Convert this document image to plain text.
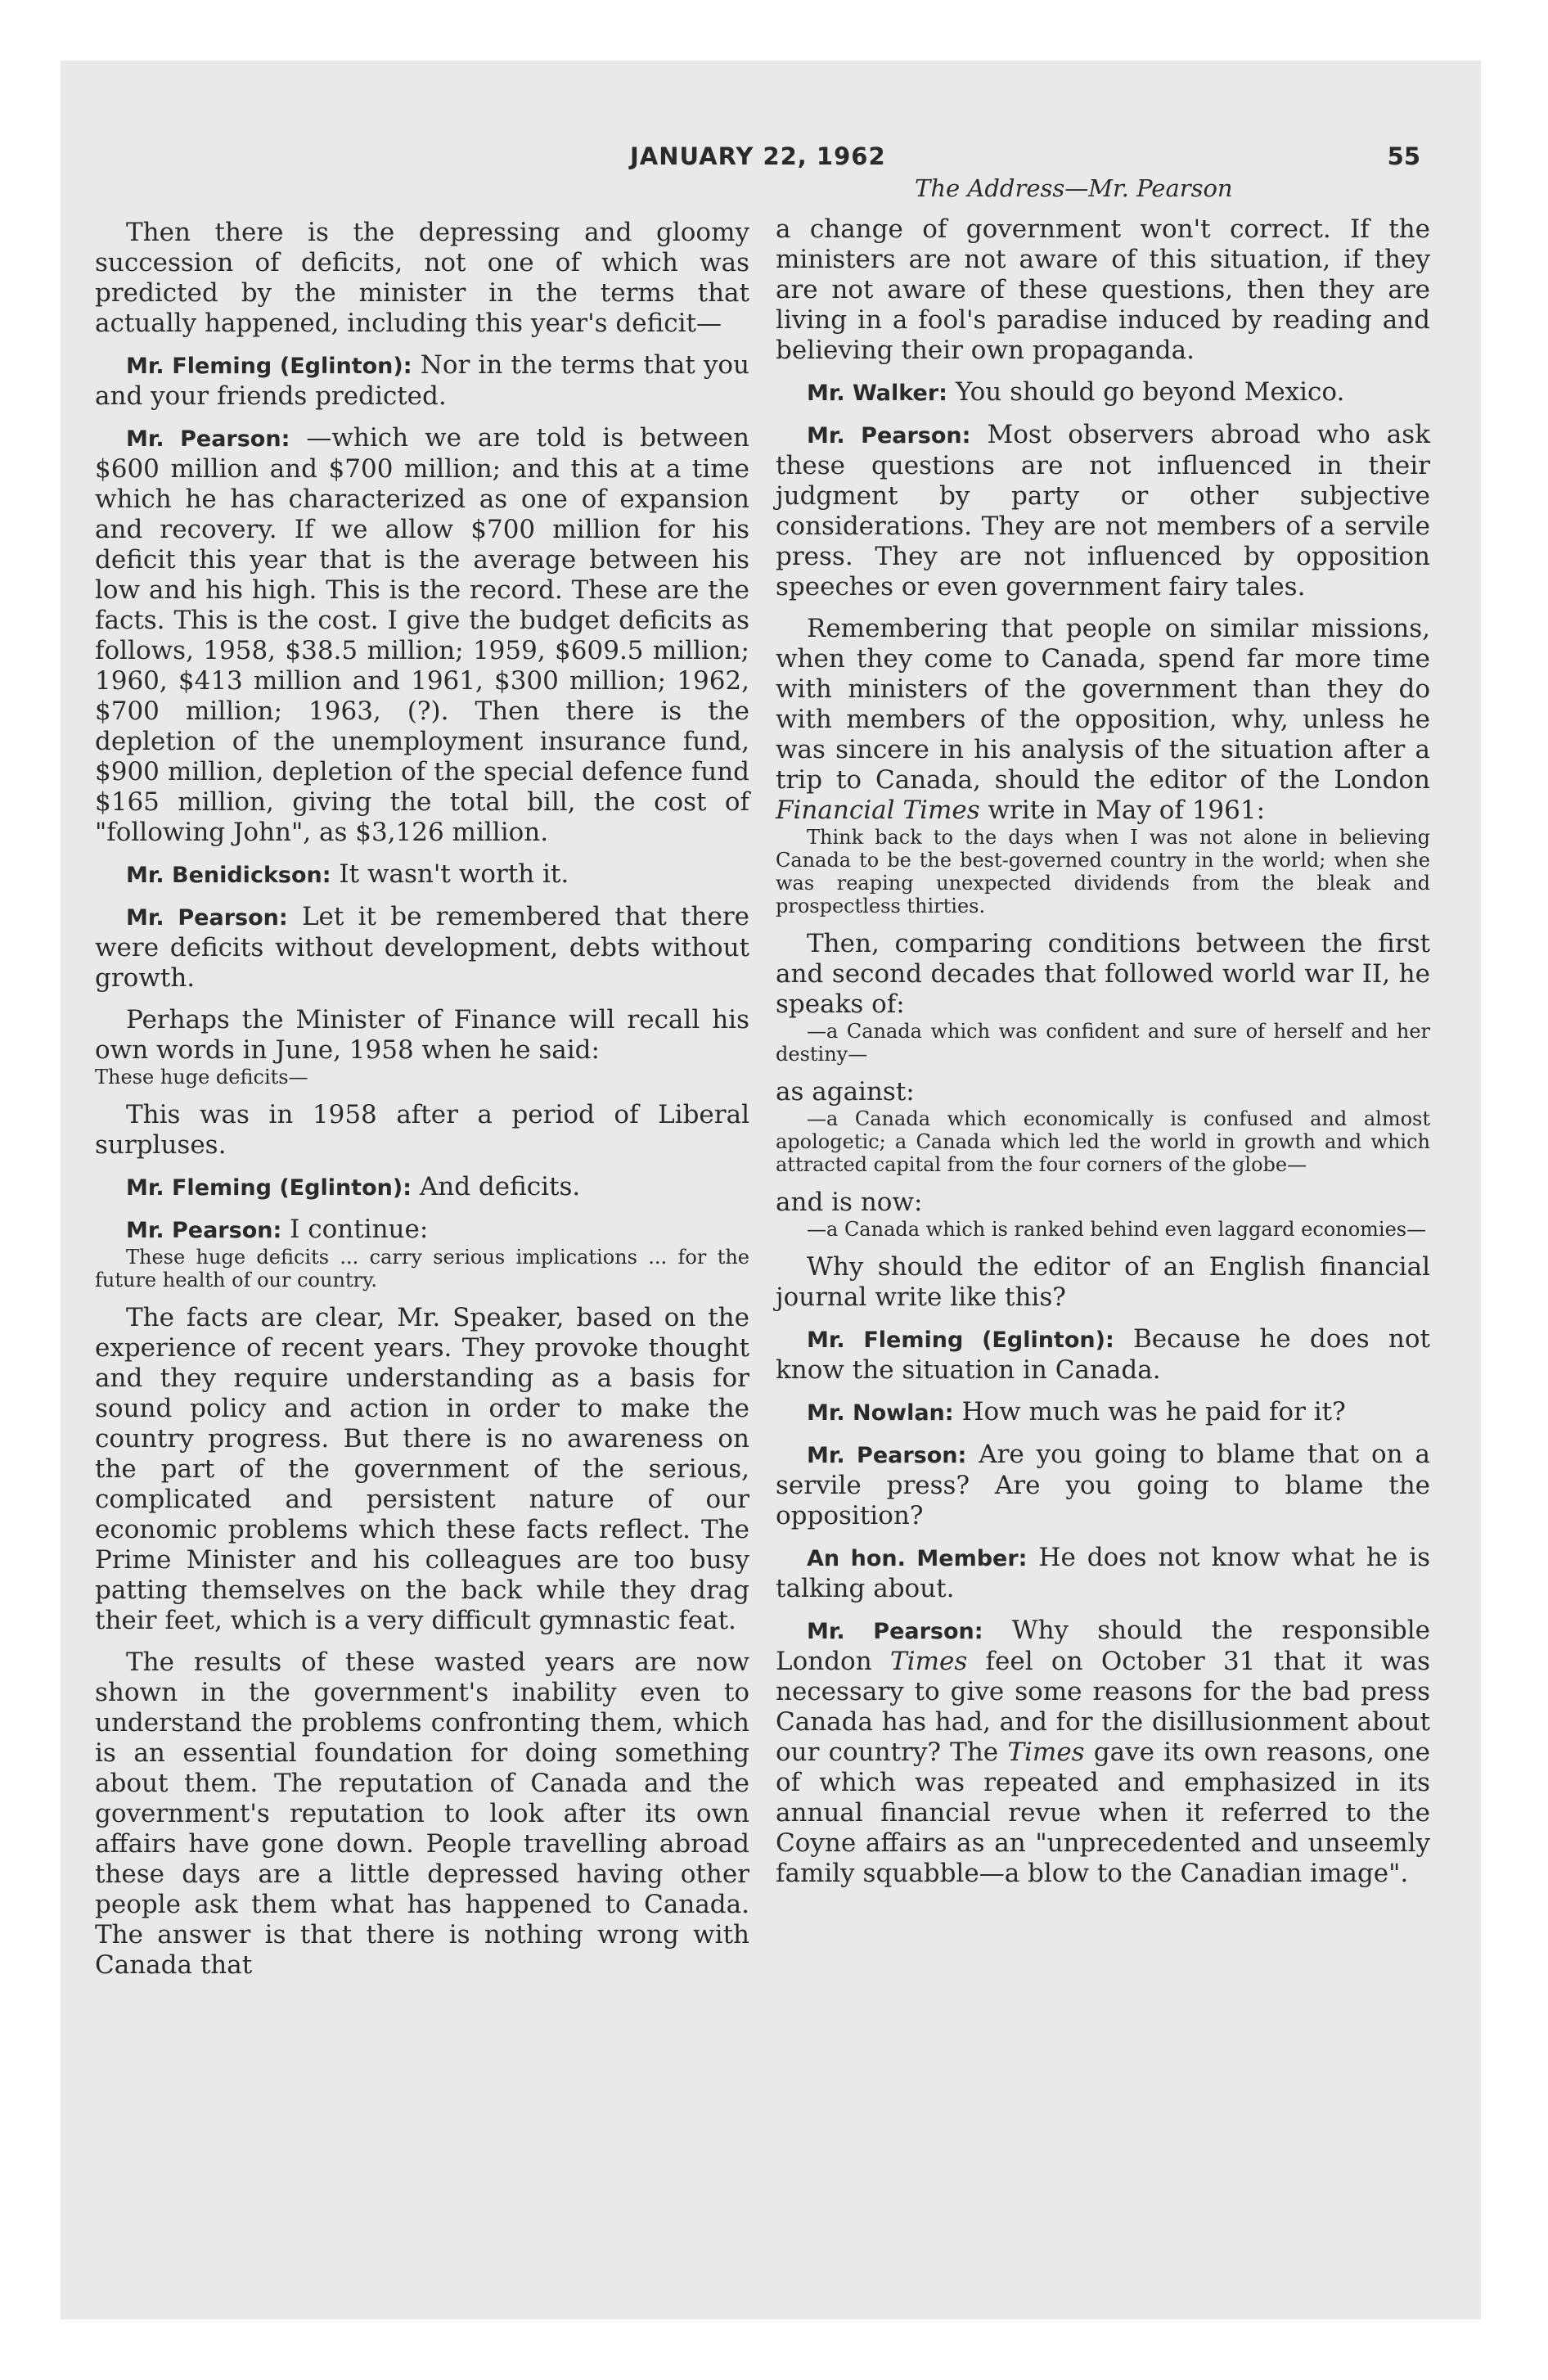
JANUARY 22, 1962	55
The Address—Mr. Pearson

Then there is the depressing and gloomy succession of deficits, not one of which was predicted by the minister in the terms that actually happened, including this year's deficit—

Mr. Fleming (Eglinton): Nor in the terms that you and your friends predicted.

Mr. Pearson: —which we are told is between $600 million and $700 million; and this at a time which he has characterized as one of expansion and recovery. If we allow $700 million for his deficit this year that is the average between his low and his high. This is the record. These are the facts. This is the cost. I give the budget deficits as follows, 1958, $38.5 million; 1959, $609.5 million; 1960, $413 million and 1961, $300 million; 1962, $700 million; 1963, (?). Then there is the depletion of the unemployment insurance fund, $900 million, depletion of the special defence fund $165 million, giving the total bill, the cost of "following John", as $3,126 million.

Mr. Benidickson: It wasn't worth it.

Mr. Pearson: Let it be remembered that there were deficits without development, debts without growth.

Perhaps the Minister of Finance will recall his own words in June, 1958 when he said:

These huge deficits—

This was in 1958 after a period of Liberal surpluses.

Mr. Fleming (Eglinton): And deficits.

Mr. Pearson: I continue:

These huge deficits ... carry serious implications ... for the future health of our country.

The facts are clear, Mr. Speaker, based on the experience of recent years. They provoke thought and they require understanding as a basis for sound policy and action in order to make the country progress. But there is no awareness on the part of the government of the serious, complicated and persistent nature of our economic problems which these facts reflect. The Prime Minister and his colleagues are too busy patting themselves on the back while they drag their feet, which is a very difficult gymnastic feat.

The results of these wasted years are now shown in the government's inability even to understand the problems confronting them, which is an essential foundation for doing something about them. The reputation of Canada and the government's reputation to look after its own affairs have gone down. People travelling abroad these days are a little depressed having other people ask them what has happened to Canada. The answer is that there is nothing wrong with Canada that

a change of government won't correct. If the ministers are not aware of this situation, if they are not aware of these questions, then they are living in a fool's paradise induced by reading and believing their own propaganda.

Mr. Walker: You should go beyond Mexico.

Mr. Pearson: Most observers abroad who ask these questions are not influenced in their judgment by party or other subjective considerations. They are not members of a servile press. They are not influenced by opposition speeches or even government fairy tales.

Remembering that people on similar missions, when they come to Canada, spend far more time with ministers of the government than they do with members of the opposition, why, unless he was sincere in his analysis of the situation after a trip to Canada, should the editor of the London Financial Times write in May of 1961:

Think back to the days when I was not alone in believing Canada to be the best-governed country in the world; when she was reaping unexpected dividends from the bleak and prospectless thirties.

Then, comparing conditions between the first and second decades that followed world war II, he speaks of:

—a Canada which was confident and sure of herself and her destiny—

as against:

—a Canada which economically is confused and almost apologetic; a Canada which led the world in growth and which attracted capital from the four corners of the globe—

and is now:

—a Canada which is ranked behind even laggard economies—

Why should the editor of an English financial journal write like this?

Mr. Fleming (Eglinton): Because he does not know the situation in Canada.

Mr. Nowlan: How much was he paid for it?

Mr. Pearson: Are you going to blame that on a servile press? Are you going to blame the opposition?

An hon. Member: He does not know what he is talking about.

Mr. Pearson: Why should the responsible London Times feel on October 31 that it was necessary to give some reasons for the bad press Canada has had, and for the disillusionment about our country? The Times gave its own reasons, one of which was repeated and emphasized in its annual financial revue when it referred to the Coyne affairs as an "unprecedented and unseemly family squabble—a blow to the Canadian image".
